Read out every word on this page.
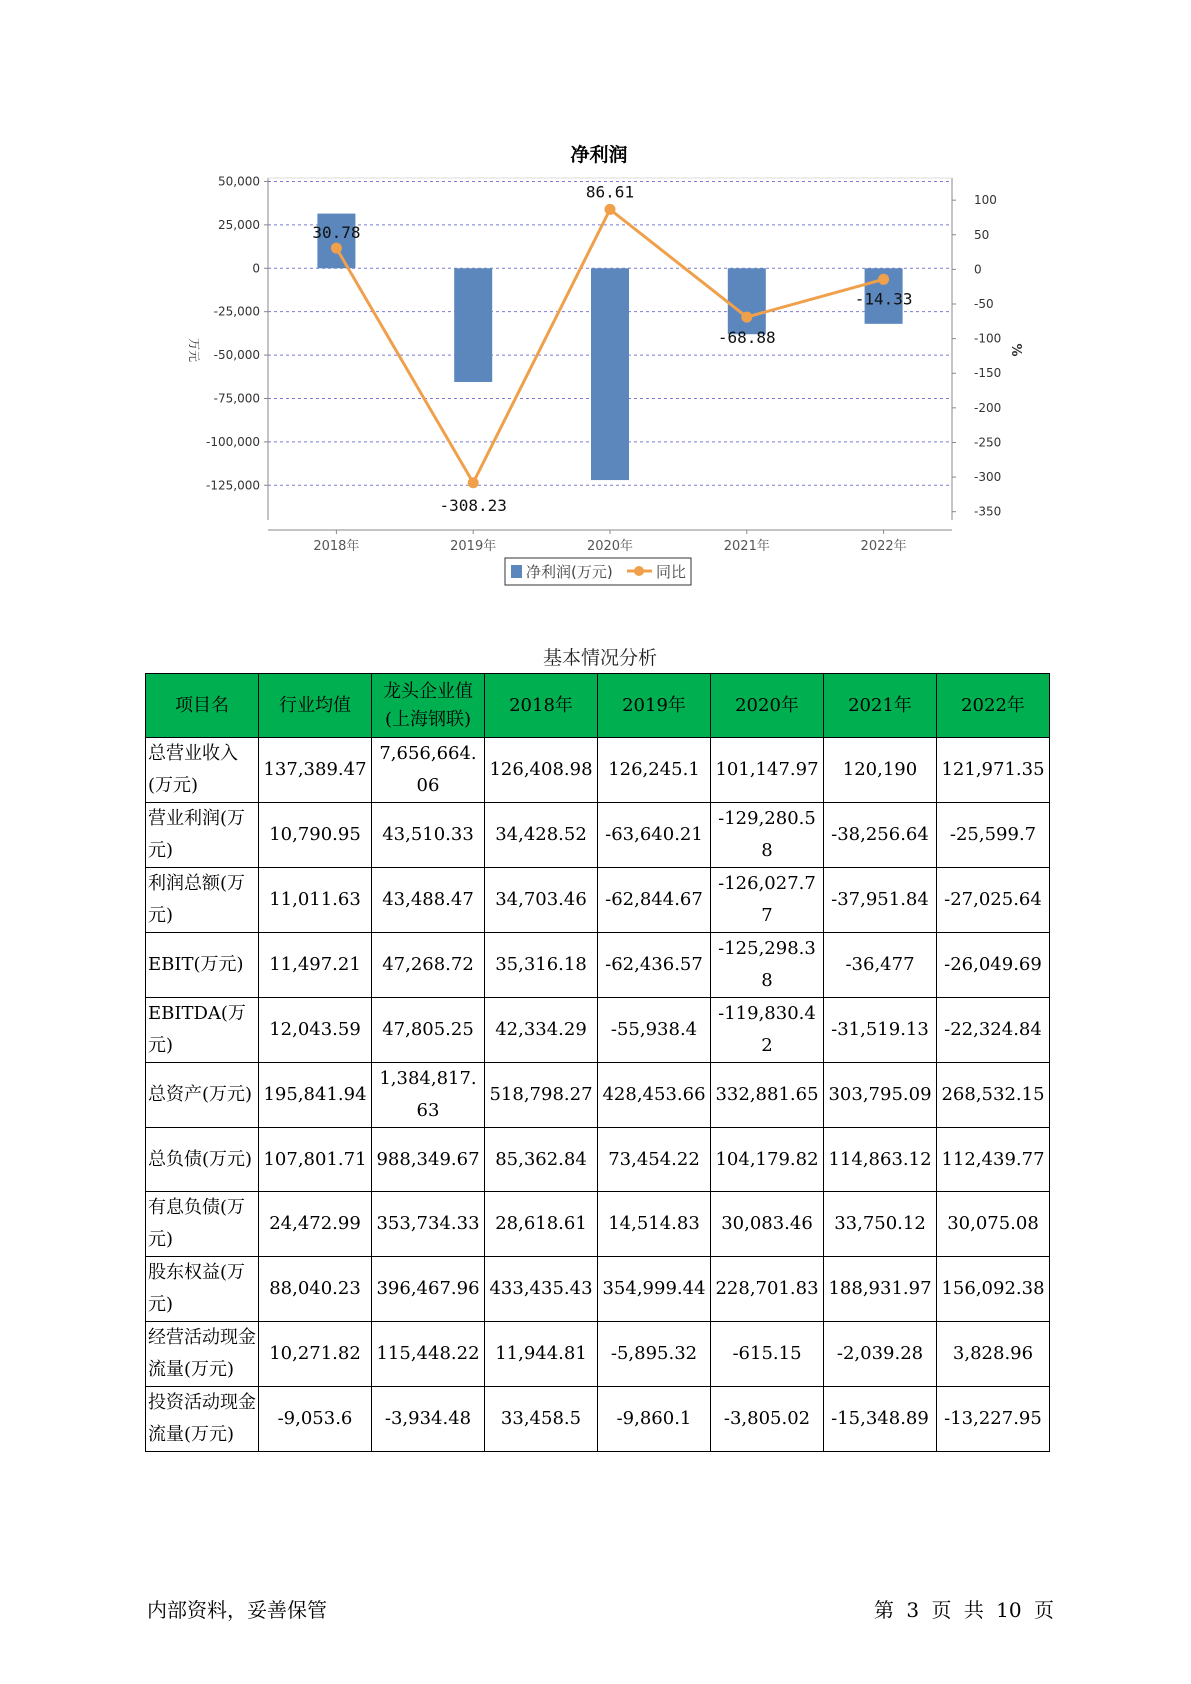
净利润
30.78
-308.23
86.61
-68.88
-14.33
50,000
25,000
0
-25,000
-50,000
-75,000
-100,000
-125,000
100
50
0
-50
-100
-150
-200
-250
-300
-350
万元	%
2018年	2019年	2020年	2021年	2022年
净利润(万元)	同比
基本情况分析
项目名	行业均值	龙头企业值(上海钢联)	2018年	2019年	2020年	2021年	2022年
总营业收入(万元)	137,389.47	7,656,664.06	126,408.98	126,245.1	101,147.97	120,190	121,971.35
营业利润(万元)	10,790.95	43,510.33	34,428.52	-63,640.21	-129,280.58	-38,256.64	-25,599.7
利润总额(万元)	11,011.63	43,488.47	34,703.46	-62,844.67	-126,027.77	-37,951.84	-27,025.64
EBIT(万元)	11,497.21	47,268.72	35,316.18	-62,436.57	-125,298.38	-36,477	-26,049.69
EBITDA(万元)	12,043.59	47,805.25	42,334.29	-55,938.4	-119,830.42	-31,519.13	-22,324.84
总资产(万元)	195,841.94	1,384,817.63	518,798.27	428,453.66	332,881.65	303,795.09	268,532.15
总负债(万元)	107,801.71	988,349.67	85,362.84	73,454.22	104,179.82	114,863.12	112,439.77
有息负债(万元)	24,472.99	353,734.33	28,618.61	14,514.83	30,083.46	33,750.12	30,075.08
股东权益(万元)	88,040.23	396,467.96	433,435.43	354,999.44	228,701.83	188,931.97	156,092.38
经营活动现金流量(万元)	10,271.82	115,448.22	11,944.81	-5,895.32	-615.15	-2,039.28	3,828.96
投资活动现金流量(万元)	-9,053.6	-3,934.48	33,458.5	-9,860.1	-3,805.02	-15,348.89	-13,227.95
内部资料，妥善保管	第 3 页 共 10 页
